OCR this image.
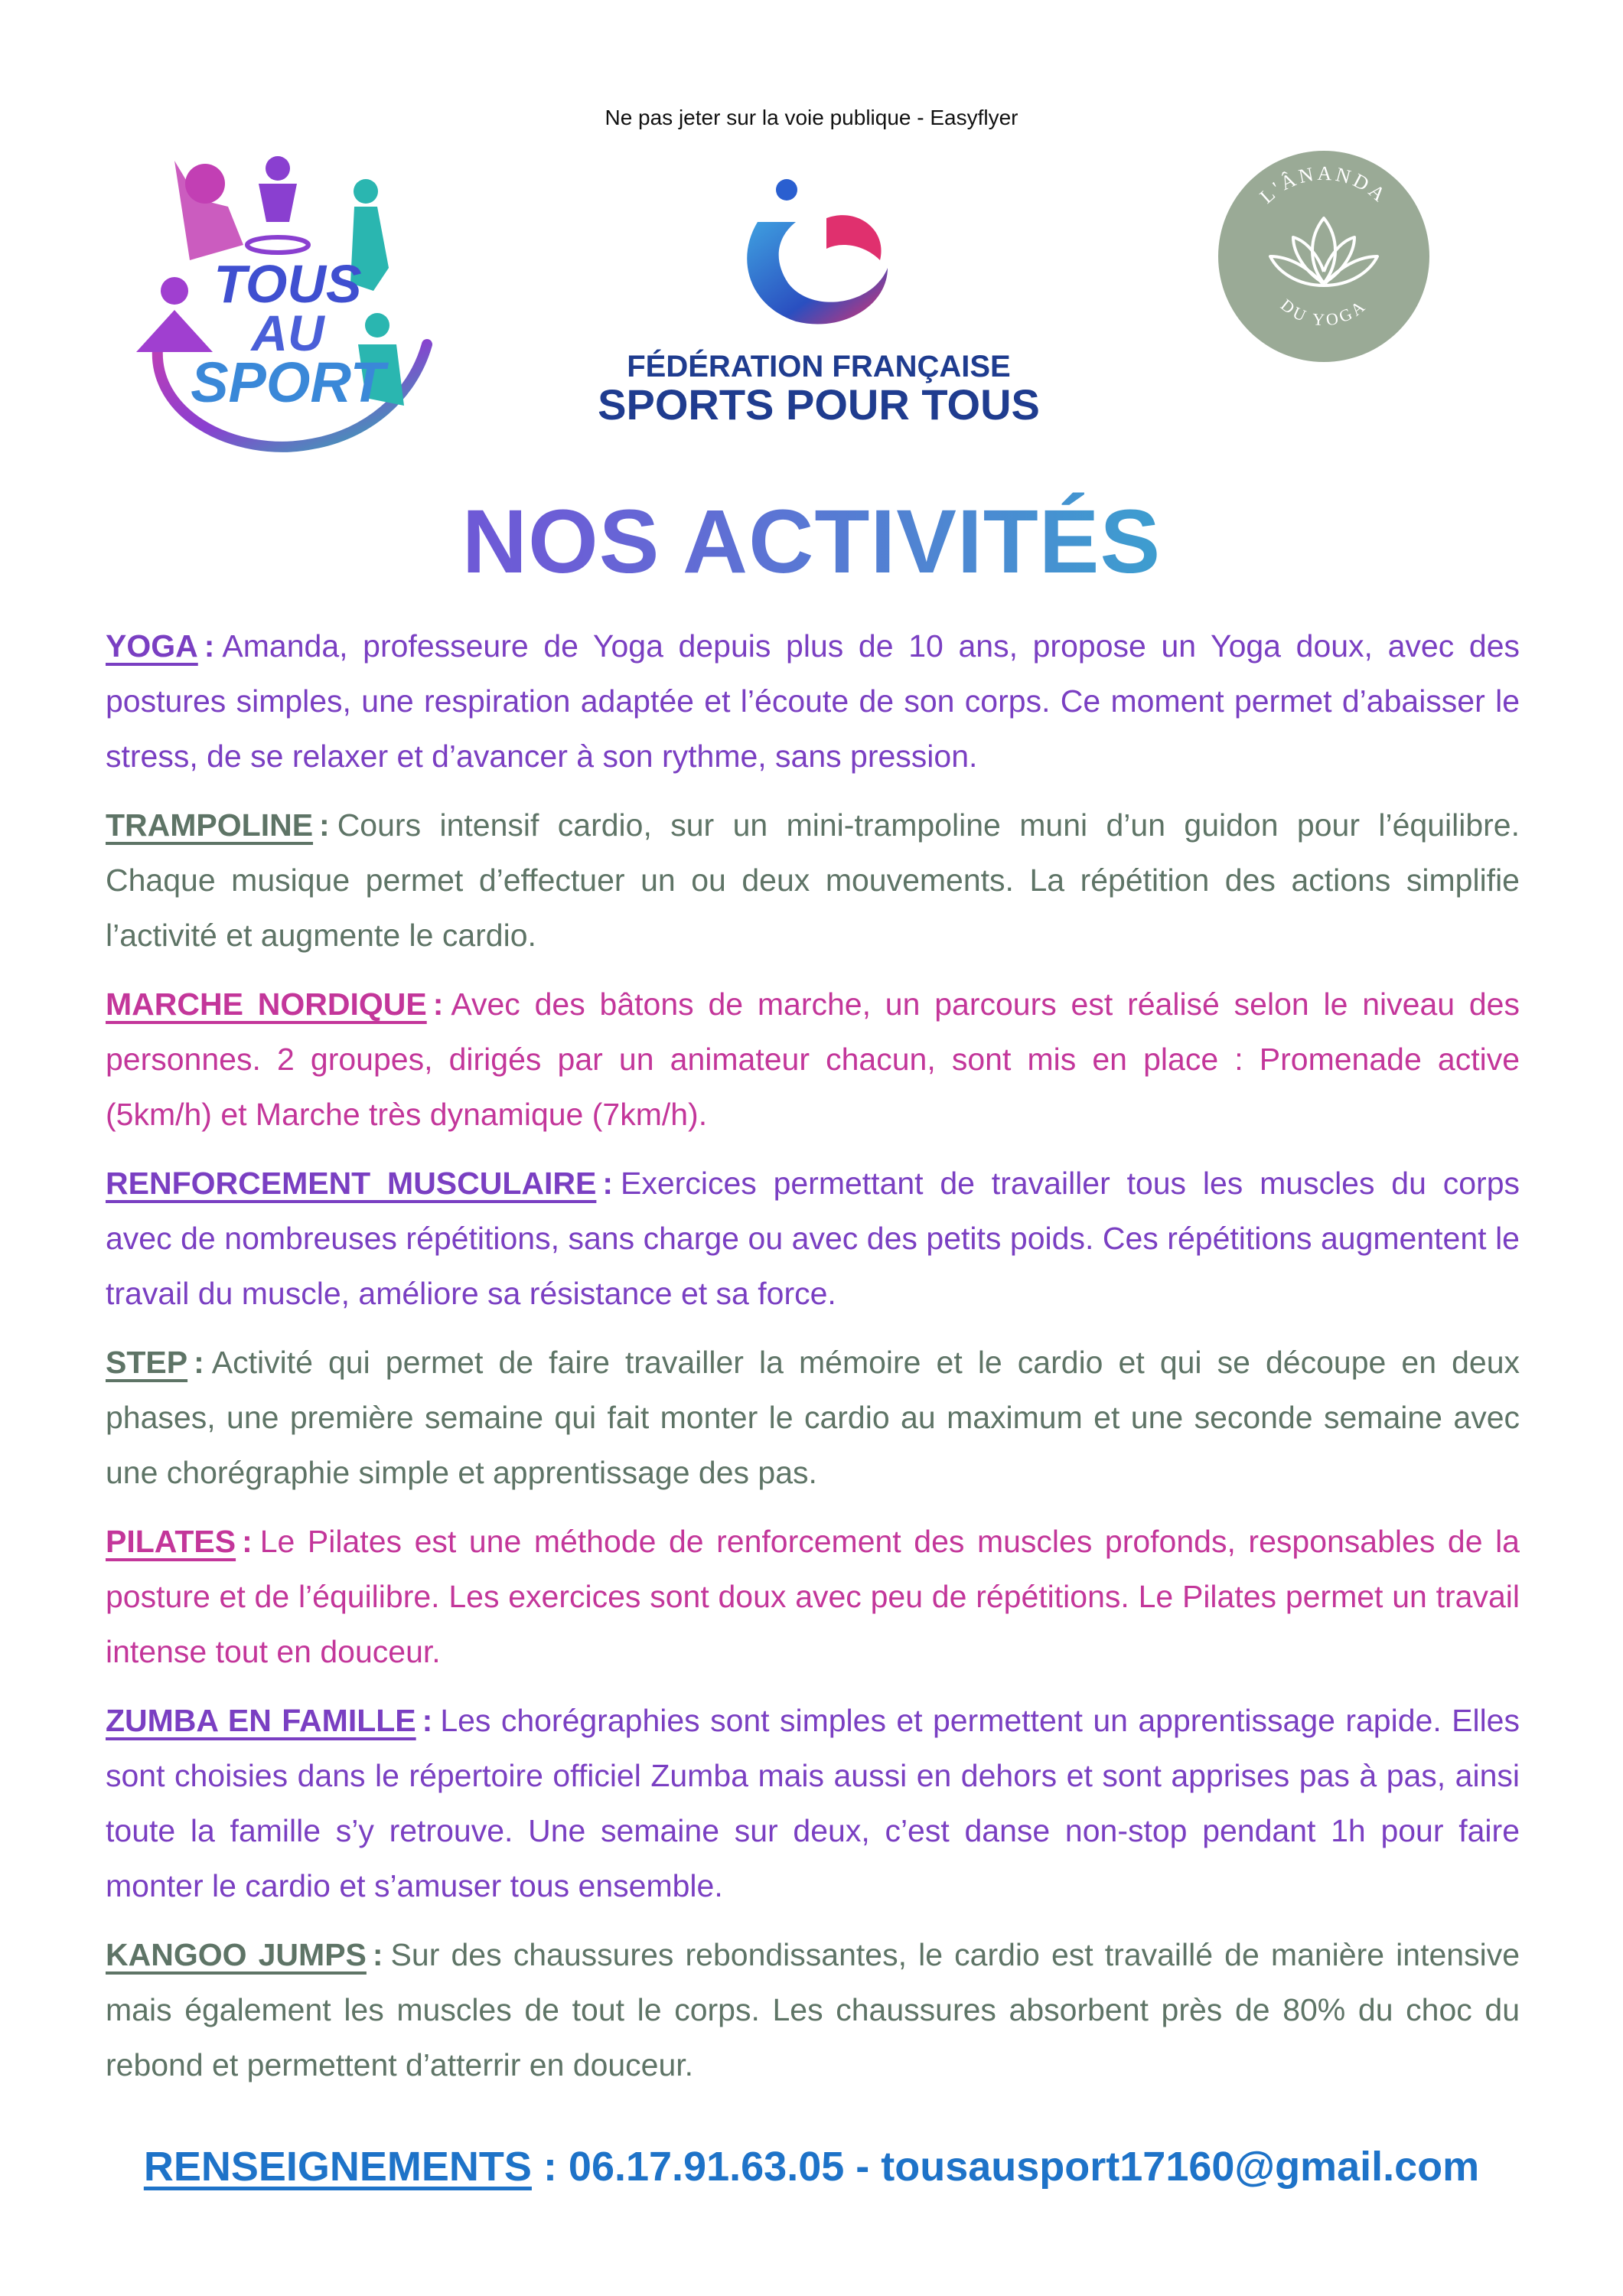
Ne pas jeter sur la voie publique - Easyflyer
TOUS
AU
SPORT	FÉDÉRATION FRANÇAISE
SPORTS POUR TOUS
L'ÂNANDA
DU YOGA
NOS ACTIVITÉS

YOGA : Amanda, professeure de Yoga depuis plus de 10 ans, propose un Yoga doux, avec des postures simples, une respiration adaptée et l’écoute de son corps. Ce moment permet d’abaisser le stress, de se relaxer et d’avancer à son rythme, sans pression.

TRAMPOLINE : Cours intensif cardio, sur un mini-trampoline muni d’un guidon pour l’équilibre. Chaque musique permet d’effectuer un ou deux mouvements. La répétition des actions simplifie l’activité et augmente le cardio.

MARCHE NORDIQUE : Avec des bâtons de marche, un parcours est réalisé selon le niveau des personnes. 2 groupes, dirigés par un animateur chacun, sont mis en place : Promenade active (5km/h) et Marche très dynamique (7km/h).

RENFORCEMENT MUSCULAIRE : Exercices permettant de travailler tous les muscles du corps avec de nombreuses répétitions, sans charge ou avec des petits poids. Ces répétitions augmentent le travail du muscle, améliore sa résistance et sa force.

STEP : Activité qui permet de faire travailler la mémoire et le cardio et qui se découpe en deux phases, une première semaine qui fait monter le cardio au maximum et une seconde semaine avec une chorégraphie simple et apprentissage des pas.

PILATES : Le Pilates est une méthode de renforcement des muscles profonds, responsables de la posture et de l’équilibre. Les exercices sont doux avec peu de répétitions. Le Pilates permet un travail intense tout en douceur.

ZUMBA EN FAMILLE : Les chorégraphies sont simples et permettent un apprentissage rapide. Elles sont choisies dans le répertoire officiel Zumba mais aussi en dehors et sont apprises pas à pas, ainsi toute la famille s’y retrouve. Une semaine sur deux, c’est danse non-stop pendant 1h pour faire monter le cardio et s’amuser tous ensemble.

KANGOO JUMPS : Sur des chaussures rebondissantes, le cardio est travaillé de manière intensive mais également les muscles de tout le corps. Les chaussures absorbent près de 80% du choc du rebond et permettent d’atterrir en douceur.

RENSEIGNEMENTS : 06.17.91.63.05 - tousausport17160@gmail.com
